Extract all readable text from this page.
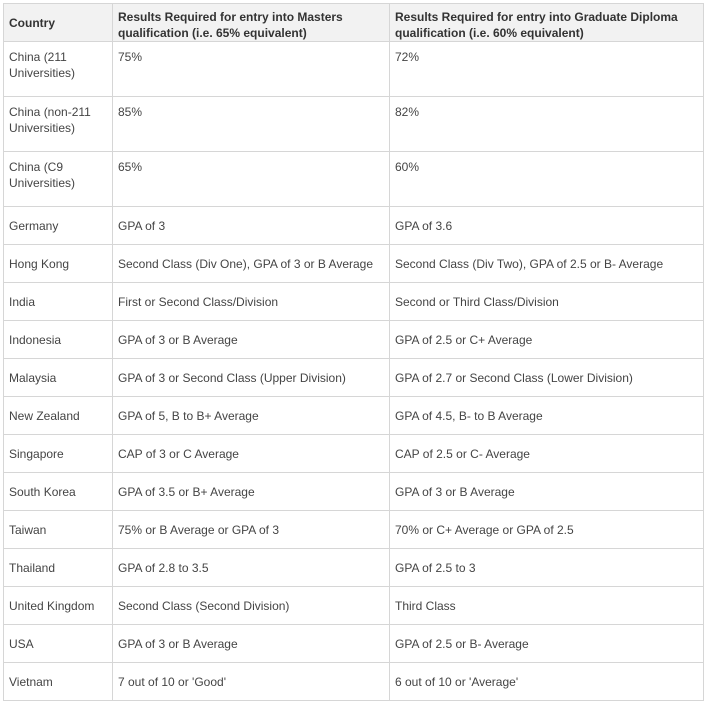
Country	Results Required for entry into Masters qualification (i.e. 65% equivalent)	Results Required for entry into Graduate Diploma qualification (i.e. 60% equivalent)
China (211 Universities)	75%	72%
China (non-211 Universities)	85%	82%
China (C9 Universities)	65%	60%
Germany	GPA of 3	GPA of 3.6
Hong Kong	Second Class (Div One), GPA of 3 or B Average	Second Class (Div Two), GPA of 2.5 or B- Average
India	First or Second Class/Division	Second or Third Class/Division
Indonesia	GPA of 3 or B Average	GPA of 2.5 or C+ Average
Malaysia	GPA of 3 or Second Class (Upper Division)	GPA of 2.7 or Second Class (Lower Division)
New Zealand	GPA of 5, B to B+ Average	GPA of 4.5, B- to B Average
Singapore	CAP of 3 or C Average	CAP of 2.5 or C- Average
South Korea	GPA of 3.5 or B+ Average	GPA of 3 or B Average
Taiwan	75% or B Average or GPA of 3	70% or C+ Average or GPA of 2.5
Thailand	GPA of 2.8 to 3.5	GPA of 2.5 to 3
United Kingdom	Second Class (Second Division)	Third Class
USA	GPA of 3 or B Average	GPA of 2.5 or B- Average
Vietnam	7 out of 10 or 'Good'	6 out of 10 or 'Average'
